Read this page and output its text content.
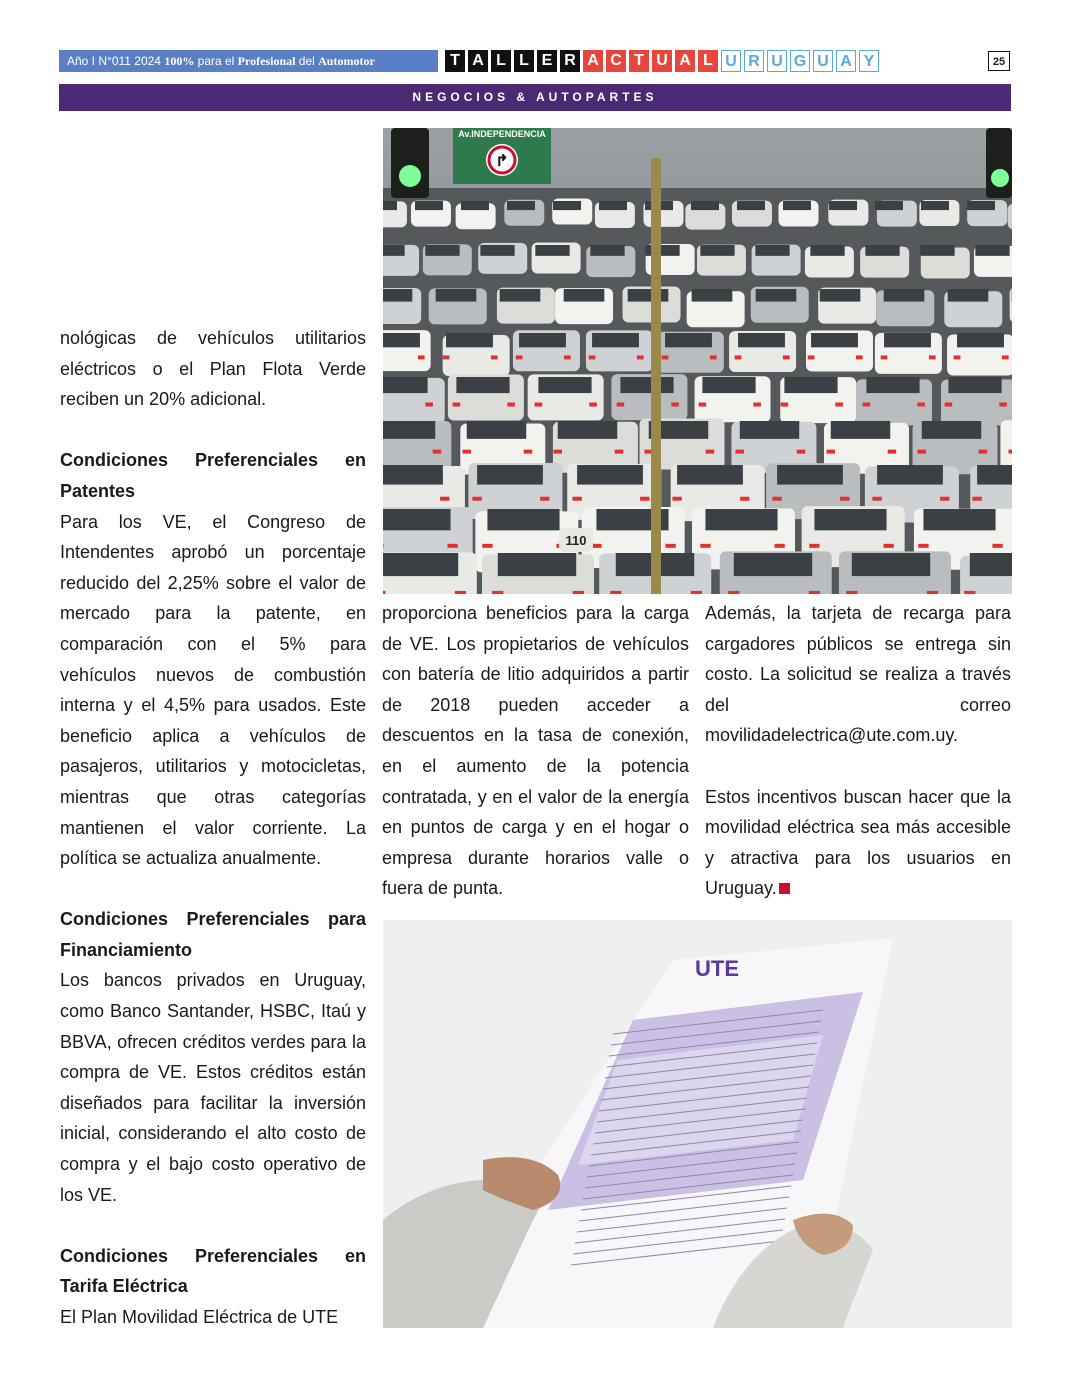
Año I N°011 2024 100% para el Profesional del Automotor	T A L L E R A C T U A L U R U G U A Y	25
NEGOCIOS & AUTOPARTES

nológicas de vehículos utilitarios eléctricos o el Plan Flota Verde reciben un 20% adicional.

Condiciones Preferenciales en Patentes

Para los VE, el Congreso de Intendentes aprobó un porcentaje reducido del 2,25% sobre el valor de mercado para la patente, en comparación con el 5% para vehículos nuevos de combustión interna y el 4,5% para usados. Este beneficio aplica a vehículos de pasajeros, utilitarios y motocicletas, mientras que otras categorías mantienen el valor corriente. La política se actualiza anualmente.

Condiciones Preferenciales para Financiamiento

Los bancos privados en Uruguay, como Banco Santander, HSBC, Itaú y BBVA, ofrecen créditos verdes para la compra de VE. Estos créditos están diseñados para facilitar la inversión inicial, considerando el alto costo de compra y el bajo costo operativo de los VE.

Condiciones Preferenciales en Tarifa Eléctrica

El Plan Movilidad Eléctrica de UTE

proporciona beneficios para la carga de VE. Los propietarios de vehículos con batería de litio adquiridos a partir de 2018 pueden acceder a descuentos en la tasa de conexión, en el aumento de la potencia contratada, y en el valor de la energía en puntos de carga y en el hogar o empresa durante horarios valle o fuera de punta.

Además, la tarjeta de recarga para cargadores públicos se entrega sin costo. La solicitud se realiza a través del correo movilidadelectrica@ute.com.uy.

Estos incentivos buscan hacer que la movilidad eléctrica sea más accesible y atractiva para los usuarios en Uruguay.

Av.INDEPENDENCIA
↱
110
UTE
